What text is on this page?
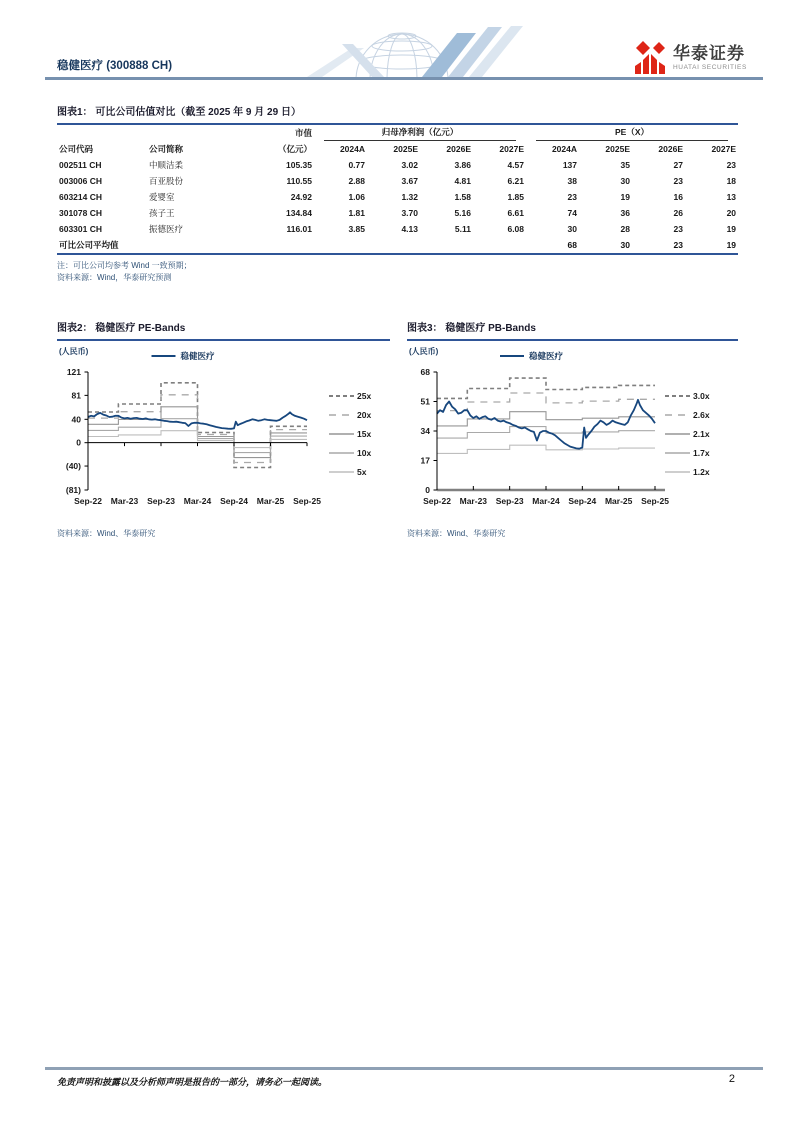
稳健医疗 (300888 CH)
华泰证券
HUATAI SECURITIES
图表1： 可比公司估值对比（截至 2025 年 9 月 29 日）
		市值	归母净利润（亿元）				PE（X）			

公司代码	公司简称	（亿元）	2024A	2025E	2026E	2027E	2024A	2025E	2026E	2027E
002511 CH	中顺洁柔	105.35	0.77	3.02	3.86	4.57	137	35	27	23
003006 CH	百亚股份	110.55	2.88	3.67	4.81	6.21	38	30	23	18
603214 CH	爱婴室	24.92	1.06	1.32	1.58	1.85	23	19	16	13
301078 CH	孩子王	134.84	1.81	3.70	5.16	6.61	74	36	26	20
603301 CH	振德医疗	116.01	3.85	4.13	5.11	6.08	30	28	23	19
可比公司平均值							68	30	23	19
注：可比公司均参考 Wind 一致预期；
资料来源：Wind，华泰研究预测
图表2： 稳健医疗 PE-Bands
25x
20x
15x
10x
5x
121
81
40
0
(40)
(81)
Sep-22 Mar-23 Sep-23 Mar-24 Sep-24 Mar-25 Sep-25
(人民币)	稳健医疗
资料来源：Wind、华泰研究
图表3： 稳健医疗 PB-Bands
3.0x
2.6x
2.1x
1.7x
1.2x
68
51
34
17
0
Sep-22 Mar-23 Sep-23 Mar-24 Sep-24 Mar-25 Sep-25
(人民币)	稳健医疗
资料来源：Wind、华泰研究
免责声明和披露以及分析师声明是报告的一部分，请务必一起阅读。	2
